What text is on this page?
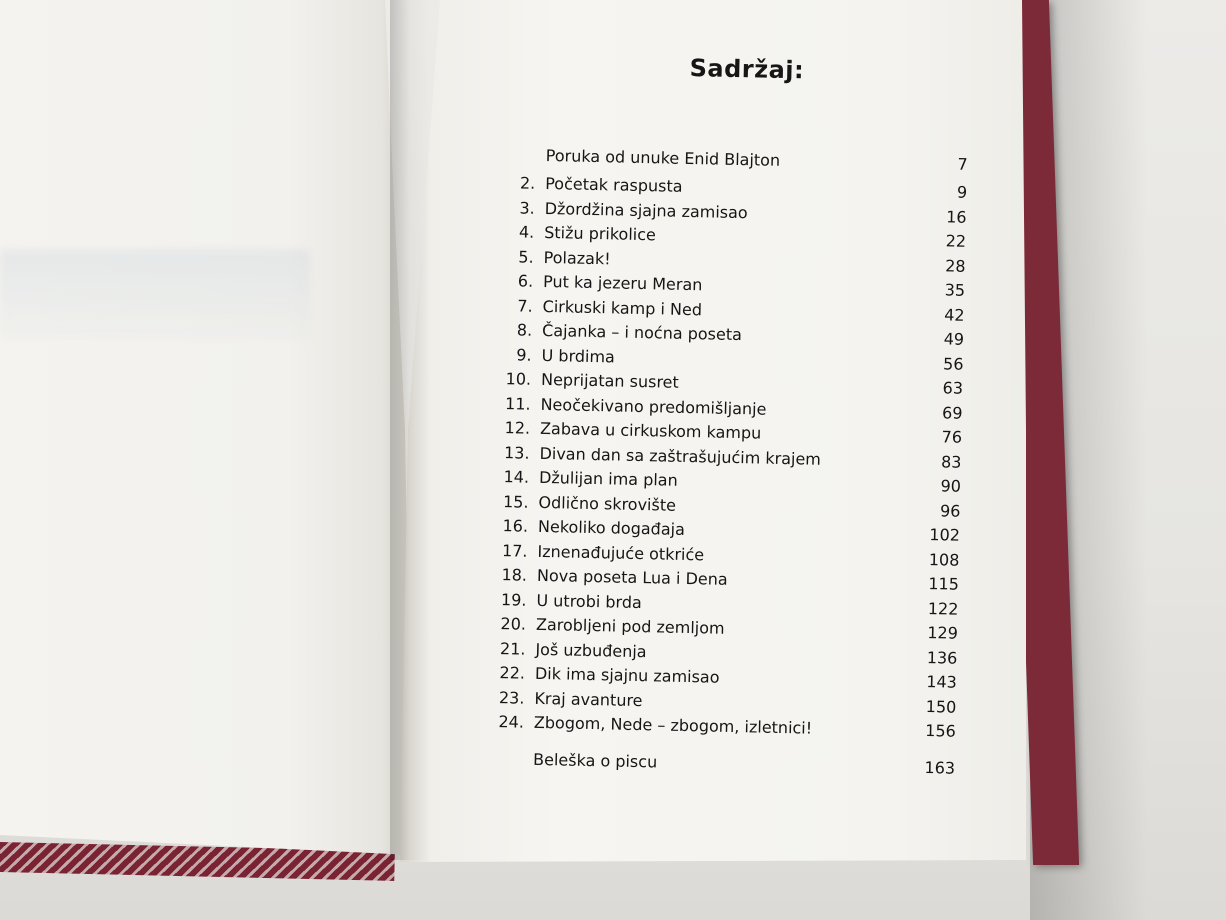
Sadržaj:
Poruka od unuke Enid Blajton	7
2. Početak raspusta	9
3. Džordžina sjajna zamisao	16
4. Stižu prikolice	22
5. Polazak!	28
6. Put ka jezeru Meran	35
7. Cirkuski kamp i Ned	42
8. Čajanka – i noćna poseta	49
9. U brdima	56
10. Neprijatan susret	63
11. Neočekivano predomišljanje	69
12. Zabava u cirkuskom kampu	76
13. Divan dan sa zaštrašujućim krajem	83
14. Džulijan ima plan	90
15. Odlično skrovište	96
16. Nekoliko događaja	102
17. Iznenađujuće otkriće	108
18. Nova poseta Lua i Dena	115
19. U utrobi brda	122
20. Zarobljeni pod zemljom	129
21. Još uzbuđenja	136
22. Dik ima sjajnu zamisao	143
23. Kraj avanture	150
24. Zbogom, Nede – zbogom, izletnici!	156
Beleška o piscu	163
